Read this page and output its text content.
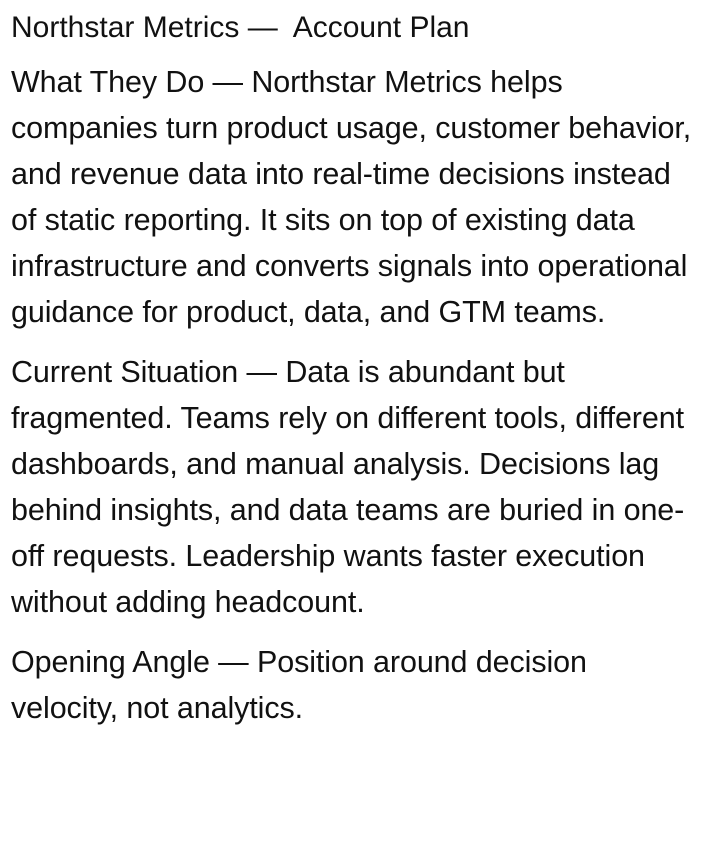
Northstar Metrics —  Account Plan

What They Do — Northstar Metrics helps companies turn product usage, customer behavior, and revenue data into real-time decisions instead of static reporting. It sits on top of existing data infrastructure and converts signals into operational guidance for product, data, and GTM teams.

Current Situation — Data is abundant but fragmented. Teams rely on different tools, different dashboards, and manual analysis. Decisions lag behind insights, and data teams are buried in one-off requests. Leadership wants faster execution without adding headcount.

Opening Angle — Position around decision velocity, not analytics.
